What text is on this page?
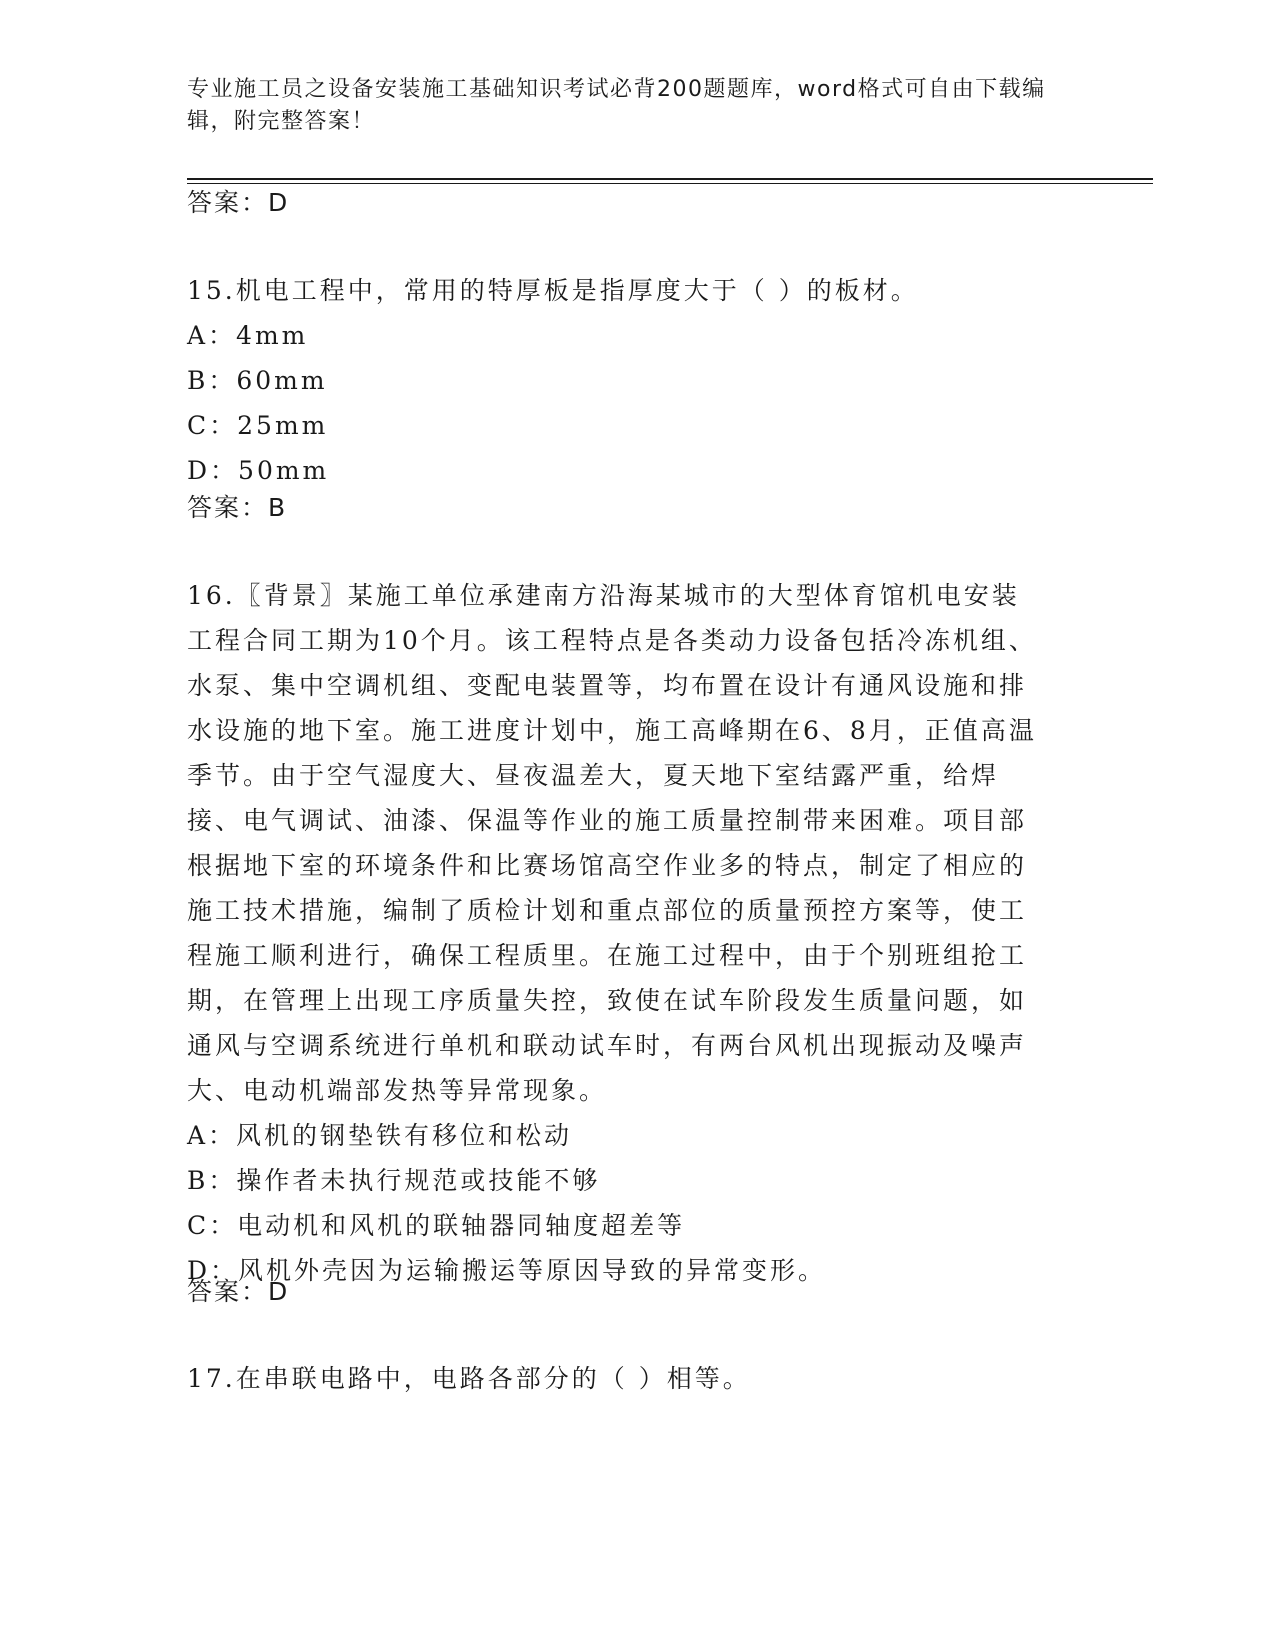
专业施工员之设备安装施工基础知识考试必背200题题库，word格式可自由下载编辑，附完整答案！
答案：D
15.机电工程中，常用的特厚板是指厚度大于（ ）的板材。
A：4mm
B：60mm
C：25mm
D：50mm
答案：B
16.〖背景〗某施工单位承建南方沿海某城市的大型体育馆机电安装工程合同工期为10个月。该工程特点是各类动力设备包括冷冻机组、水泵、集中空调机组、变配电装置等，均布置在设计有通风设施和排水设施的地下室。施工进度计划中，施工高峰期在6、8月，正值高温季节。由于空气湿度大、昼夜温差大，夏天地下室结露严重，给焊接、电气调试、油漆、保温等作业的施工质量控制带来困难。项目部根据地下室的环境条件和比赛场馆高空作业多的特点，制定了相应的施工技术措施，编制了质检计划和重点部位的质量预控方案等，使工程施工顺利进行，确保工程质里。在施工过程中，由于个别班组抢工期，在管理上出现工序质量失控，致使在试车阶段发生质量问题，如通风与空调系统进行单机和联动试车时，有两台风机出现振动及噪声大、电动机端部发热等异常现象。
A：风机的钢垫铁有移位和松动
B：操作者未执行规范或技能不够
C：电动机和风机的联轴器同轴度超差等
D：风机外壳因为运输搬运等原因导致的异常变形。
答案：D
17.在串联电路中，电路各部分的（ ）相等。
